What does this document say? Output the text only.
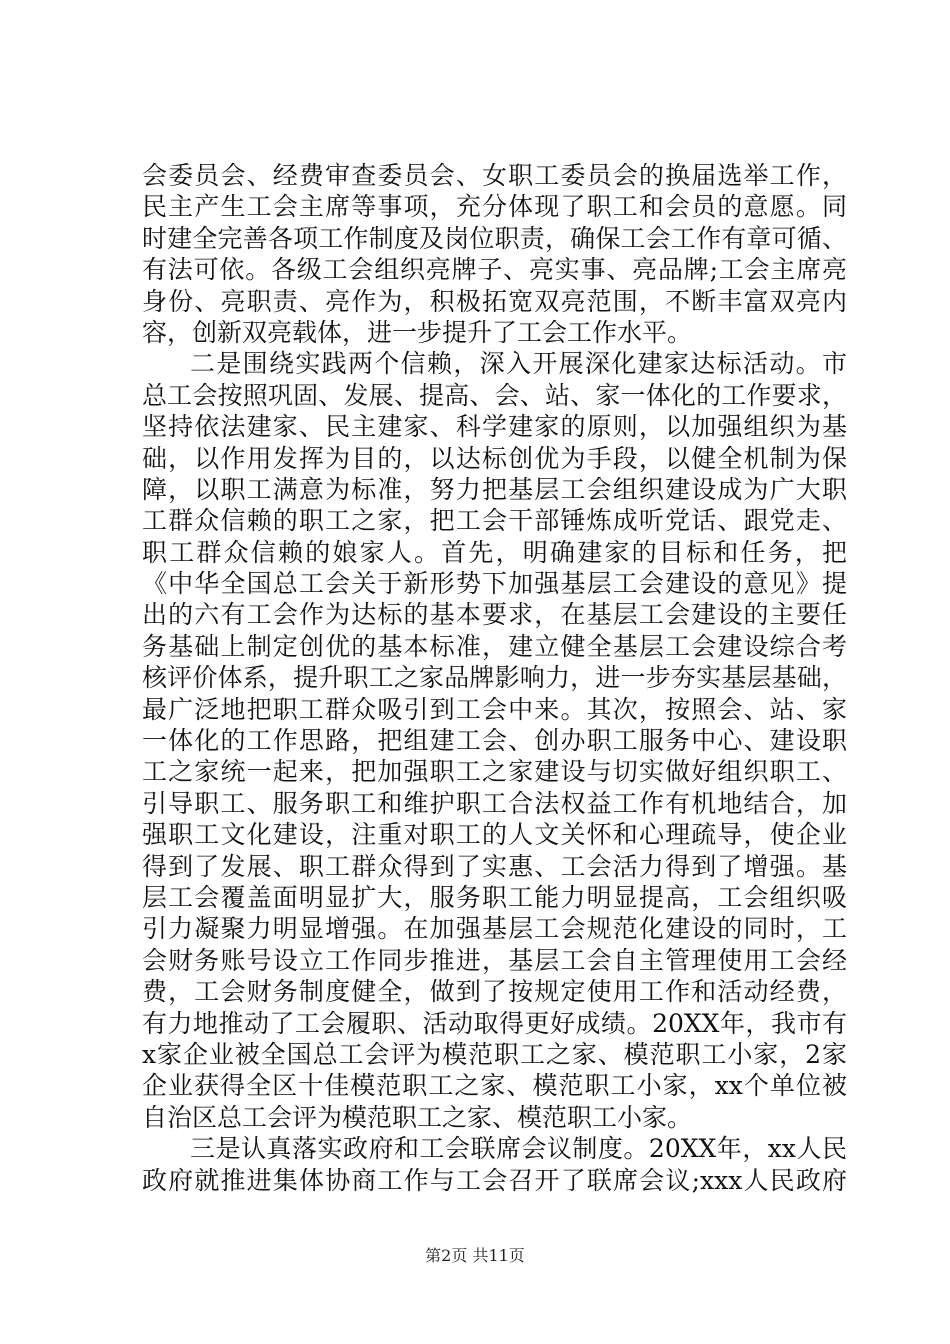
会委员会、经费审查委员会、女职工委员会的换届选举工作，
民主产生工会主席等事项，充分体现了职工和会员的意愿。同
时建全完善各项工作制度及岗位职责，确保工会工作有章可循、
有法可依。各级工会组织亮牌子、亮实事、亮品牌;工会主席亮
身份、亮职责、亮作为，积极拓宽双亮范围，不断丰富双亮内
容，创新双亮载体，进一步提升了工会工作水平。
二是围绕实践两个信赖，深入开展深化建家达标活动。市
总工会按照巩固、发展、提高、会、站、家一体化的工作要求，
坚持依法建家、民主建家、科学建家的原则，以加强组织为基
础，以作用发挥为目的，以达标创优为手段，以健全机制为保
障，以职工满意为标准，努力把基层工会组织建设成为广大职
工群众信赖的职工之家，把工会干部锤炼成听党话、跟党走、
职工群众信赖的娘家人。首先，明确建家的目标和任务，把
《中华全国总工会关于新形势下加强基层工会建设的意见》提
出的六有工会作为达标的基本要求，在基层工会建设的主要任
务基础上制定创优的基本标准，建立健全基层工会建设综合考
核评价体系，提升职工之家品牌影响力，进一步夯实基层基础，
最广泛地把职工群众吸引到工会中来。其次，按照会、站、家
一体化的工作思路，把组建工会、创办职工服务中心、建设职
工之家统一起来，把加强职工之家建设与切实做好组织职工、
引导职工、服务职工和维护职工合法权益工作有机地结合，加
强职工文化建设，注重对职工的人文关怀和心理疏导，使企业
得到了发展、职工群众得到了实惠、工会活力得到了增强。基
层工会覆盖面明显扩大，服务职工能力明显提高，工会组织吸
引力凝聚力明显增强。在加强基层工会规范化建设的同时，工
会财务账号设立工作同步推进，基层工会自主管理使用工会经
费，工会财务制度健全，做到了按规定使用工作和活动经费，
有力地推动了工会履职、活动取得更好成绩。20XX年，我市有
x家企业被全国总工会评为模范职工之家、模范职工小家，2家
企业获得全区十佳模范职工之家、模范职工小家，xx个单位被
自治区总工会评为模范职工之家、模范职工小家。
三是认真落实政府和工会联席会议制度。20XX年，xx人民
政府就推进集体协商工作与工会召开了联席会议;xxx人民政府
第2页 共11页
